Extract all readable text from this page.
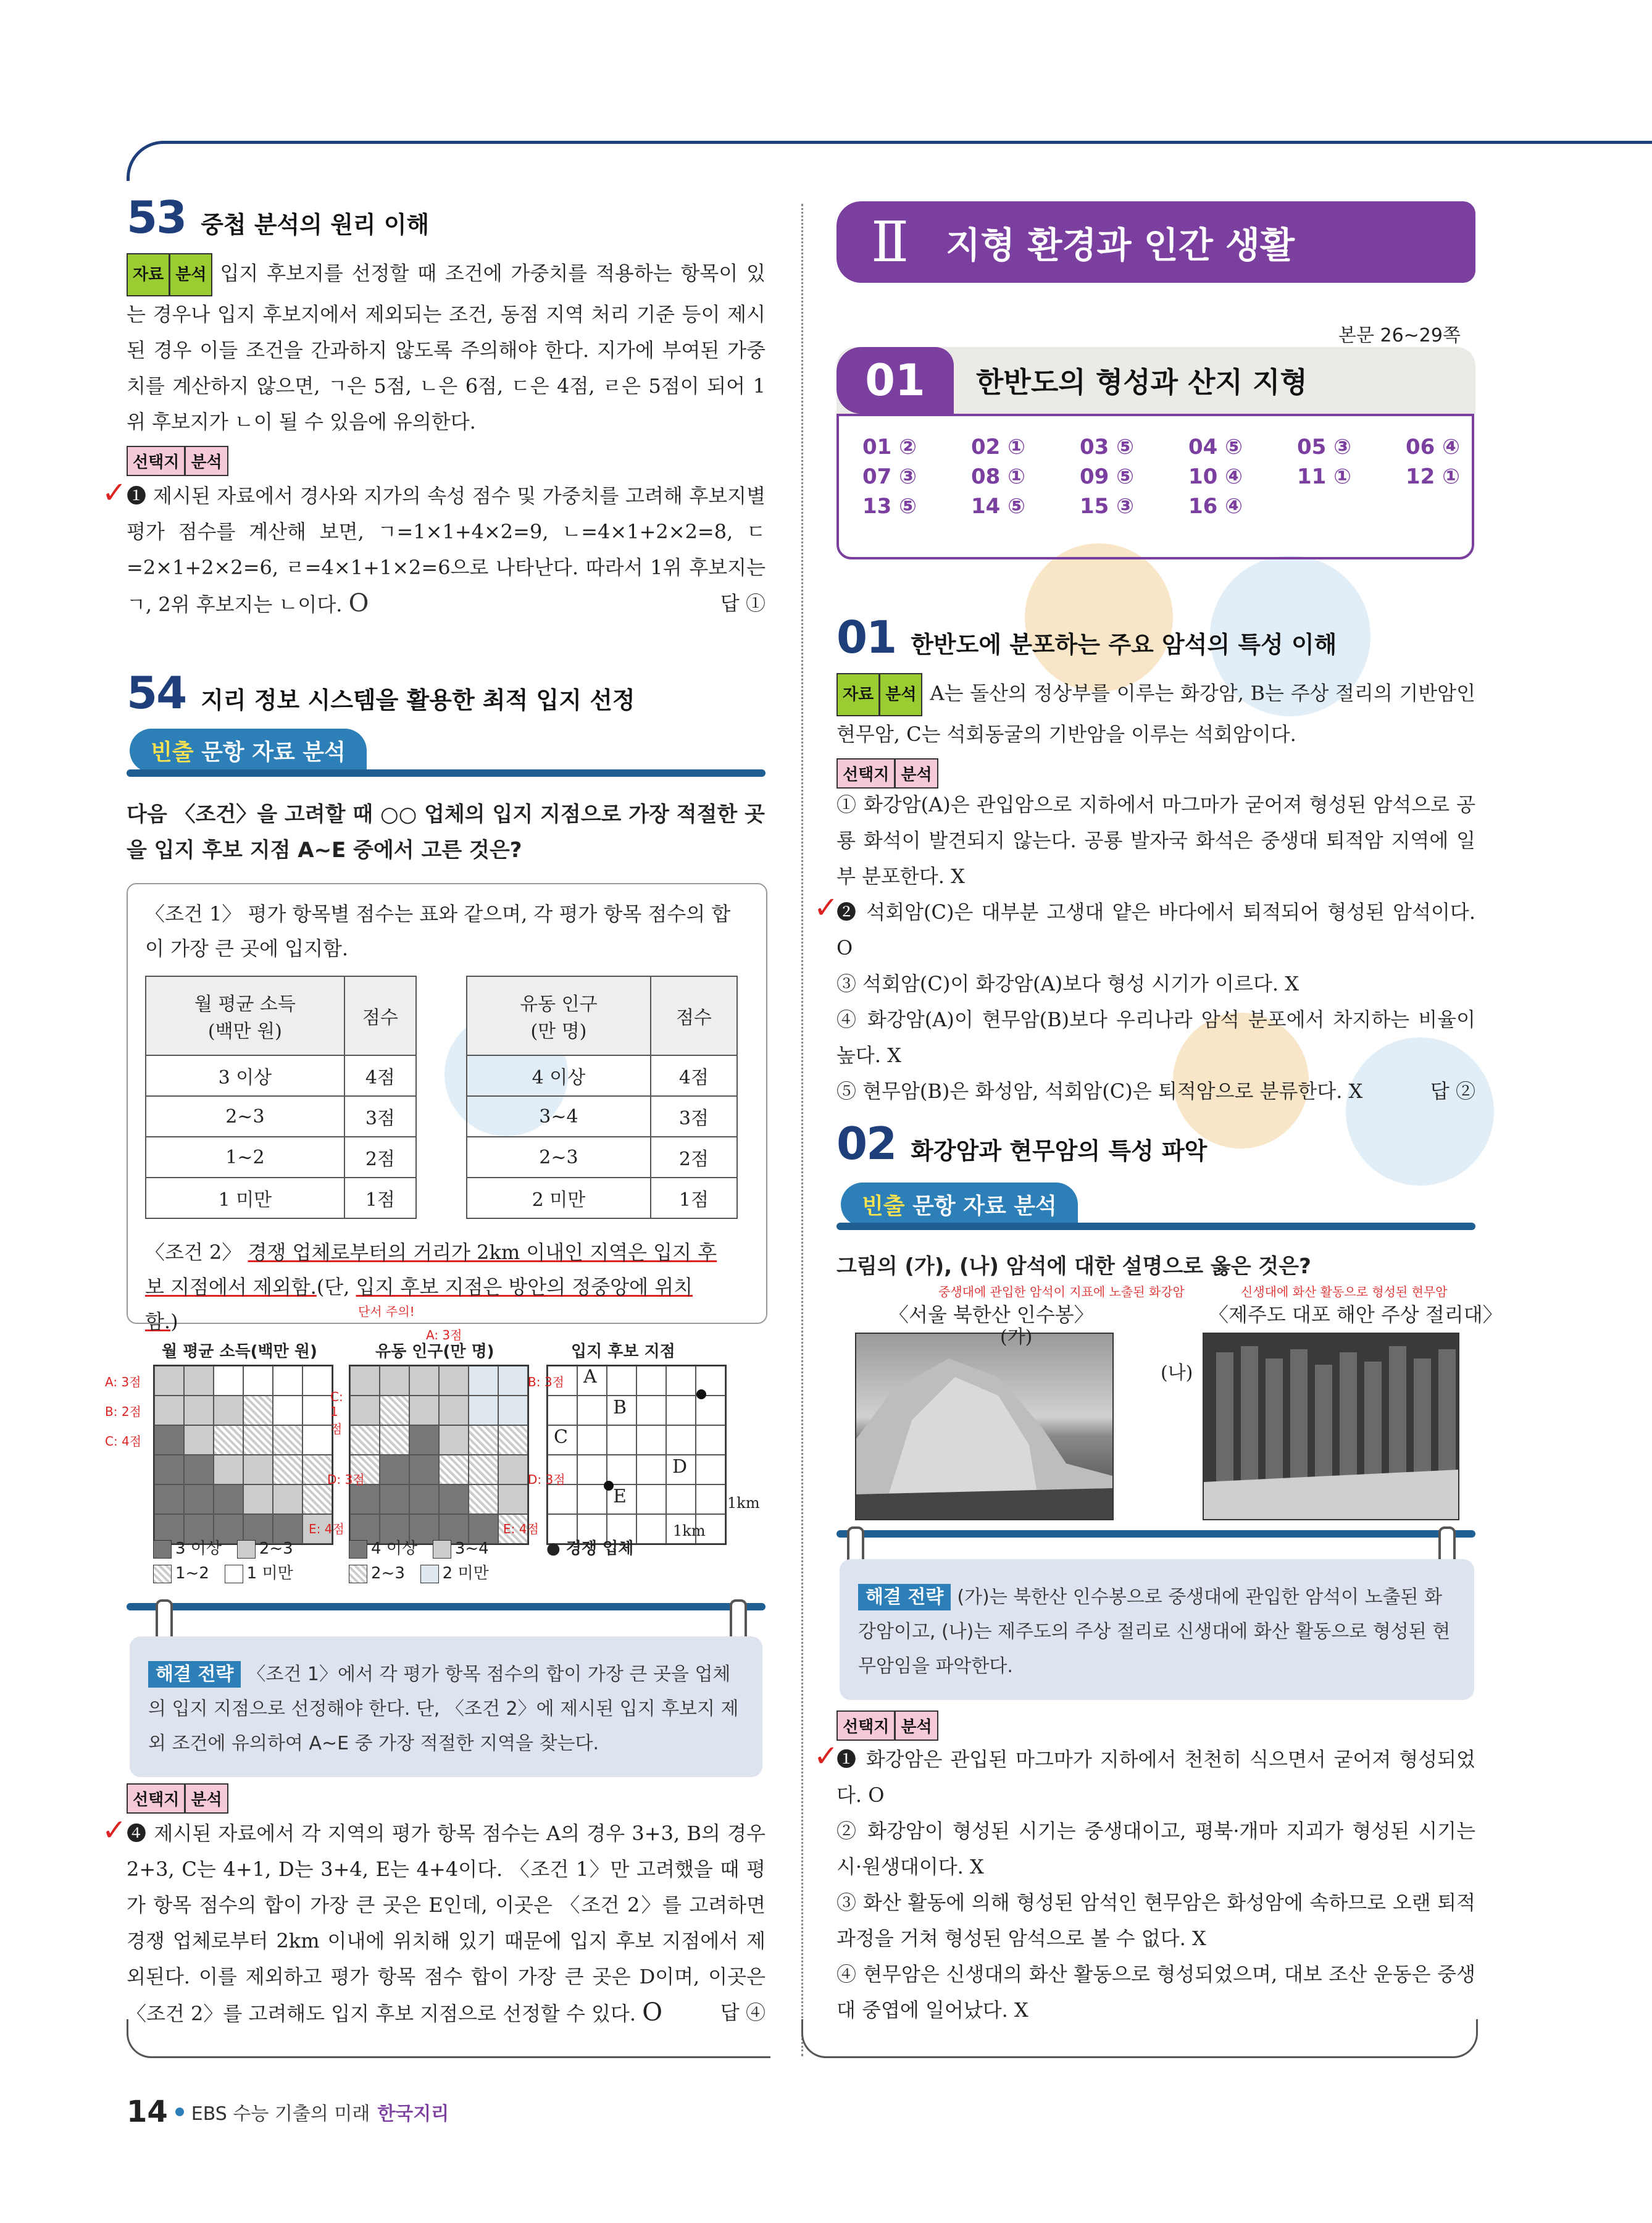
53 중첩 분석의 원리 이해
자료 분석 입지 후보지를 선정할 때 조건에 가중치를 적용하는 항목이 있는 경우나 입지 후보지에서 제외되는 조건, 동점 지역 처리 기준 등이 제시된 경우 이들 조건을 간과하지 않도록 주의해야 한다. 지가에 부여된 가중치를 계산하지 않으면, ㄱ은 5점, ㄴ은 6점, ㄷ은 4점, ㄹ은 5점이 되어 1위 후보지가 ㄴ이 될 수 있음에 유의한다.
선택지 분석
✓ ❶ 제시된 자료에서 경사와 지가의 속성 점수 및 가중치를 고려해 후보지별 평가 점수를 계산해 보면, ㄱ=1×1+4×2=9, ㄴ=4×1+2×2=8, ㄷ=2×1+2×2=6, ㄹ=4×1+1×2=6으로 나타난다. 따라서 1위 후보지는 ㄱ, 2위 후보지는 ㄴ이다. O	답 ①
54 지리 정보 시스템을 활용한 최적 입지 선정
빈출 문항 자료 분석
다음 〈조건〉을 고려할 때 ○○ 업체의 입지 지점으로 가장 적절한 곳을 입지 후보 지점 A~E 중에서 고른 것은?
〈조건 1〉 평가 항목별 점수는 표와 같으며, 각 평가 항목 점수의 합이 가장 큰 곳에 입지함.
월 평균 소득
(백만 원)	점수
3 이상	4점
2~3	3점
1~2	2점
1 미만	1점
유동 인구
(만 명)	점수
4 이상	4점
3~4	3점
2~3	2점
2 미만	1점
〈조건 2〉 경쟁 업체로부터의 거리가 2km 이내인 지역은 입지 후보 지점에서 제외함.(단, 입지 후보 지점은 방안의 정중앙에 위치함.)	단서 주의!
월 평균 소득(백만 원)	유동 인구(만 명)	입지 후보 지점
A
B
C
D
E	1km
1km
A: 3점
B: 2점
C: 4점
A: 3점
B: 3점
C: 1점
D: 3점
E: 4점
D: 3점
E: 4점
3 이상 2~3
1~2 1 미만
4 이상 3~4
2~3 2 미만
● 경쟁 업체
해결 전략 〈조건 1〉에서 각 평가 항목 점수의 합이 가장 큰 곳을 업체의 입지 지점으로 선정해야 한다. 단, 〈조건 2〉에 제시된 입지 후보지 제외 조건에 유의하여 A~E 중 가장 적절한 지역을 찾는다.
선택지 분석
✓ ❹ 제시된 자료에서 각 지역의 평가 항목 점수는 A의 경우 3+3, B의 경우 2+3, C는 4+1, D는 3+4, E는 4+4이다. 〈조건 1〉만 고려했을 때 평가 항목 점수의 합이 가장 큰 곳은 E인데, 이곳은 〈조건 2〉를 고려하면 경쟁 업체로부터 2km 이내에 위치해 있기 때문에 입지 후보 지점에서 제외된다. 이를 제외하고 평가 항목 점수 합이 가장 큰 곳은 D이며, 이곳은 〈조건 2〉를 고려해도 입지 후보 지점으로 선정할 수 있다. O	답 ④
Ⅱ 지형 환경과 인간 생활
본문 26~29쪽
01	한반도의 형성과 산지 지형
01 ②	02 ①	03 ⑤	04 ⑤	05 ③	06 ④
07 ③	08 ①	09 ⑤	10 ④	11 ①	12 ①
13 ⑤	14 ⑤	15 ③	16 ④
01 한반도에 분포하는 주요 암석의 특성 이해
자료 분석 A는 돌산의 정상부를 이루는 화강암, B는 주상 절리의 기반암인 현무암, C는 석회동굴의 기반암을 이루는 석회암이다.
선택지 분석
① 화강암(A)은 관입암으로 지하에서 마그마가 굳어져 형성된 암석으로 공룡 화석이 발견되지 않는다. 공룡 발자국 화석은 중생대 퇴적암 지역에 일부 분포한다. X
❷ 석회암(C)은 대부분 고생대 얕은 바다에서 퇴적되어 형성된 암석이다. O
③ 석회암(C)이 화강암(A)보다 형성 시기가 이르다. X
④ 화강암(A)이 현무암(B)보다 우리나라 암석 분포에서 차지하는 비율이 높다. X
⑤ 현무암(B)은 화성암, 석회암(C)은 퇴적암으로 분류한다. X	답 ②
✓
02 화강암과 현무암의 특성 파악
빈출 문항 자료 분석
그림의 (가), (나) 암석에 대한 설명으로 옳은 것은?
중생대에 관입한 암석이 지표에 노출된 화강암	신생대에 화산 활동으로 형성된 현무암
〈서울 북한산 인수봉〉	〈제주도 대포 해안 주상 절리대〉
(가)
(나)
해결 전략 (가)는 북한산 인수봉으로 중생대에 관입한 암석이 노출된 화강암이고, (나)는 제주도의 주상 절리로 신생대에 화산 활동으로 형성된 현무암임을 파악한다.
선택지 분석
✓
❶ 화강암은 관입된 마그마가 지하에서 천천히 식으면서 굳어져 형성되었다. O
② 화강암이 형성된 시기는 중생대이고, 평북·개마 지괴가 형성된 시기는 시·원생대이다. X
③ 화산 활동에 의해 형성된 암석인 현무암은 화성암에 속하므로 오랜 퇴적 과정을 거쳐 형성된 암석으로 볼 수 없다. X
④ 현무암은 신생대의 화산 활동으로 형성되었으며, 대보 조산 운동은 중생대 중엽에 일어났다. X
14 EBS 수능 기출의 미래 한국지리
